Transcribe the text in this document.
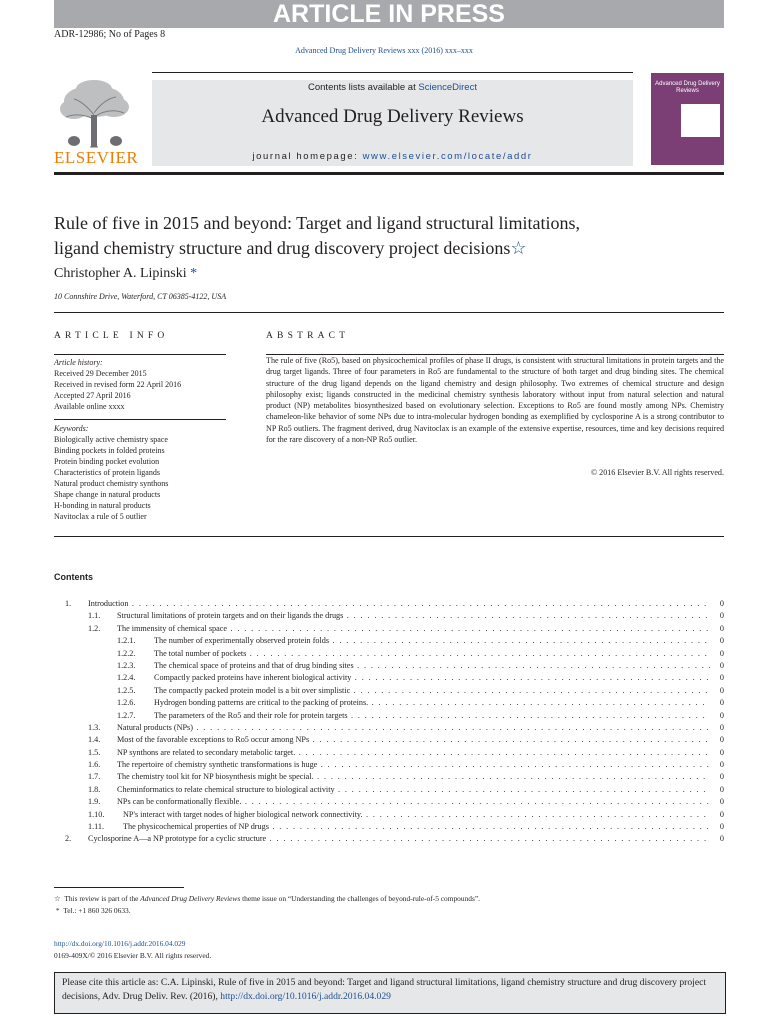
ARTICLE IN PRESS
ADR-12986; No of Pages 8
Advanced Drug Delivery Reviews xxx (2016) xxx–xxx
ELSEVIER
Contents lists available at ScienceDirect
Advanced Drug Delivery Reviews
journal homepage: www.elsevier.com/locate/addr
Advanced Drug Delivery Reviews
Rule of five in 2015 and beyond: Target and ligand structural limitations,
ligand chemistry structure and drug discovery project decisions☆
Christopher A. Lipinski *
10 Connshire Drive, Waterford, CT 06385-4122, USA
ARTICLE INFO	ABSTRACT
Article history:
Received 29 December 2015
Received in revised form 22 April 2016
Accepted 27 April 2016
Available online xxxx
Keywords:
Biologically active chemistry space
Binding pockets in folded proteins
Protein binding pocket evolution
Characteristics of protein ligands
Natural product chemistry synthons
Shape change in natural products
H-bonding in natural products
Navitoclax a rule of 5 outlier
The rule of five (Ro5), based on physicochemical profiles of phase II drugs, is consistent with structural limitations in protein targets and the drug target ligands. Three of four parameters in Ro5 are fundamental to the structure of both target and drug binding sites. The chemical structure of the drug ligand depends on the ligand chemistry and design philosophy. Two extremes of chemical structure and design philosophy exist; ligands constructed in the medicinal chemistry synthesis laboratory without input from natural selection and natural product (NP) metabolites biosynthesized based on evolutionary selection. Exceptions to Ro5 are found mostly among NPs. Chemistry chameleon-like behavior of some NPs due to intra-molecular hydrogen bonding as exemplified by cyclosporine A is a strong contributor to NP Ro5 outliers. The fragment derived, drug Navitoclax is an example of the extensive expertise, resources, time and key decisions required for the rare discovery of a non-NP Ro5 outlier.
© 2016 Elsevier B.V. All rights reserved.
Contents
1. Introduction . . .	0
1.1. Structural limitations of protein targets and on their ligands the drugs . . .	0
1.2. The immensity of chemical space . . .	0
1.2.1. The number of experimentally observed protein folds . . .	0
1.2.2. The total number of pockets . . .	0
1.2.3. The chemical space of proteins and that of drug binding sites . . .	0
1.2.4. Compactly packed proteins have inherent biological activity . . .	0
1.2.5. The compactly packed protein model is a bit over simplistic . . .	0
1.2.6. Hydrogen bonding patterns are critical to the packing of proteins. . . .	0
1.2.7. The parameters of the Ro5 and their role for protein targets . . .	0
1.3. Natural products (NPs) . . .	0
1.4. Most of the favorable exceptions to Ro5 occur among NPs . . .	0
1.5. NP synthons are related to secondary metabolic target. . . .	0
1.6. The repertoire of chemistry synthetic transformations is huge . . .	0
1.7. The chemistry tool kit for NP biosynthesis might be special. . . .	0
1.8. Cheminformatics to relate chemical structure to biological activity . . .	0
1.9. NPs can be conformationally flexible. . . .	0
1.10. NP's interact with target nodes of higher biological network connectivity. . . .	0
1.11. The physicochemical properties of NP drugs . . .	0
2. Cyclosporine A—a NP prototype for a cyclic structure . . .	0
☆ This review is part of the Advanced Drug Delivery Reviews theme issue on “Understanding the challenges of beyond-rule-of-5 compounds”.
* Tel.: +1 860 326 0633.
http://dx.doi.org/10.1016/j.addr.2016.04.029
0169-409X/© 2016 Elsevier B.V. All rights reserved.
Please cite this article as: C.A. Lipinski, Rule of five in 2015 and beyond: Target and ligand structural limitations, ligand chemistry structure and drug discovery project decisions, Adv. Drug Deliv. Rev. (2016), http://dx.doi.org/10.1016/j.addr.2016.04.029
